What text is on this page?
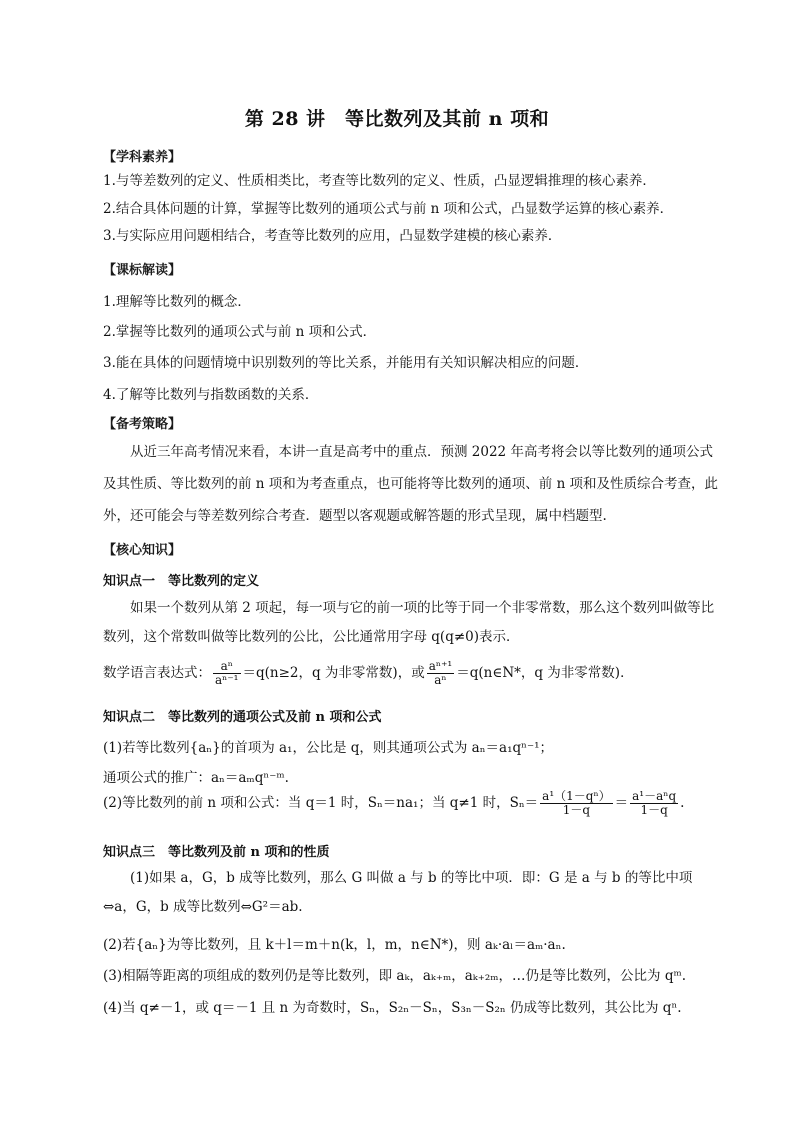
第 28 讲　等比数列及其前 n 项和
【学科素养】
1.与等差数列的定义、性质相类比，考查等比数列的定义、性质，凸显逻辑推理的核心素养．
2.结合具体问题的计算，掌握等比数列的通项公式与前 n 项和公式，凸显数学运算的核心素养．
3.与实际应用问题相结合，考查等比数列的应用，凸显数学建模的核心素养．
【课标解读】
1.理解等比数列的概念．
2.掌握等比数列的通项公式与前 n 项和公式．
3.能在具体的问题情境中识别数列的等比关系，并能用有关知识解决相应的问题．
4.了解等比数列与指数函数的关系．
【备考策略】
从近三年高考情况来看，本讲一直是高考中的重点．预测 2022 年高考将会以等比数列的通项公式及其性质、等比数列的前 n 项和为考查重点，也可能将等比数列的通项、前 n 项和及性质综合考查，此外，还可能会与等差数列综合考查．题型以客观题或解答题的形式呈现，属中档题型.
【核心知识】
知识点一　等比数列的定义
如果一个数列从第 2 项起，每一项与它的前一项的比等于同一个非零常数，那么这个数列叫做等比数列，这个常数叫做等比数列的公比，公比通常用字母 q(q≠0)表示．
数学语言表达式： $\frac{\text{aⁿ}}{\text{aⁿ⁻¹}} =q(n\ge 2$，q 为非零常数)，或 $\frac{\text{aⁿ⁺¹}}{\text{aⁿ}}$ ＝q(n∈N*，q 为非零常数)．
知识点二　等比数列的通项公式及前 n 项和公式
(1)若等比数列{aₙ}的首项为 a₁，公比是 q，则其通项公式为 aₙ＝a₁qⁿ⁻¹；
通项公式的推广：aₙ＝aₘqⁿ⁻ᵐ.
(2)等比数列的前 n 项和公式：当 q＝1 时，Sₙ＝na₁；当 q≠1 时，$S_n= \frac{\text{a¹（1－qⁿ）}}{1-q} = \frac{\text{a¹－aⁿq}}{1-q}$ .
知识点三　等比数列及前 n 项和的性质
(1)如果 a，G，b 成等比数列，那么 G 叫做 a 与 b 的等比中项．即：G 是 a 与 b 的等比中项⇔a，G，b 成等比数列⇔G²＝ab.
(2)若{aₙ}为等比数列，且 k＋l＝m＋n(k，l，m，n∈N*)，则 aₖ·aₗ＝aₘ·aₙ.
(3)相隔等距离的项组成的数列仍是等比数列，即 aₖ，aₖ₊ₘ，aₖ₊₂ₘ，…仍是等比数列，公比为 qᵐ.
(4)当 q≠－1，或 q＝－1 且 n 为奇数时，Sₙ，S₂ₙ－Sₙ，S₃ₙ－S₂ₙ 仍成等比数列，其公比为 qⁿ.
